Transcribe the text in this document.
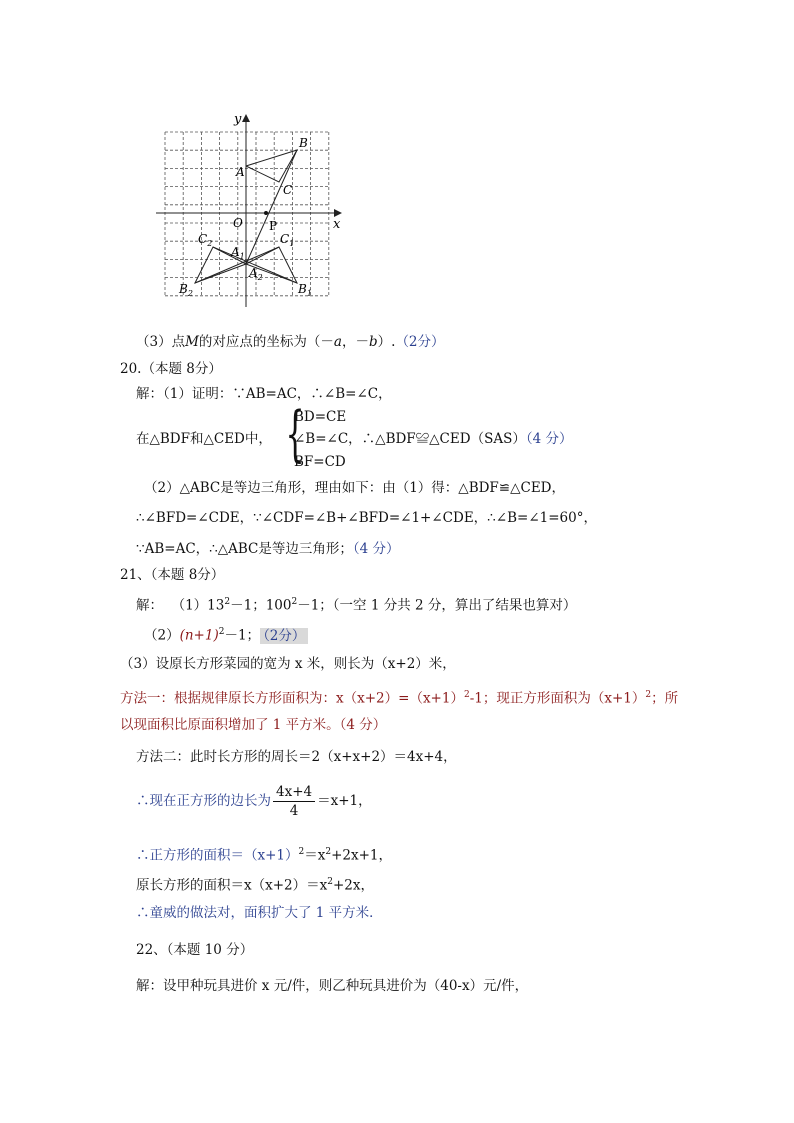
y
x
O
A
B
C
P
$C_1$
$C_2$
$A_1$
$A_2$
$B_1$
$B_2$
（3）点M的对应点的坐标为（－a，－b）.（2分）
20.（本题 8分）
解：（1）证明：∵AB=AC，∴∠B=∠C，
在△BDF和△CED中， {
BD=CE
∠B=∠C，∴△BDF≌△CED（SAS）（4 分）
BF=CD
（2）△ABC是等边三角形，理由如下：由（1）得：△BDF≌△CED，
∴∠BFD=∠CDE，∵∠CDF=∠B+∠BFD=∠1+∠CDE，∴∠B=∠1=60°，
∵AB=AC，∴△ABC是等边三角形；（4 分）
21、（本题 8分）
解： $(1)13^2-1$；$100^2-1$；（一空 1 分共 2 分，算出了结果也算对）
$(2)(n+1)^2-1$； （2分）
（3）设原长方形菜园的宽为 x 米，则长为（x+2）米，
方法一：根据规律原长方形面积为：$x(x+2)=(x+1)^2-1$；现正方形面积为$(x+1)^2$；所
以现面积比原面积增加了 1 平方米。（4 分）
方法二：此时长方形的周长＝2（x+x+2）＝4x+4，
∴现在正方形的边长为 $\frac{4x+4}{4} =x+1$，
∴正方形的面积$=(x+1)^2=x^2+2x+1$，
原长方形的面积$=x(x+2)=x^2+2x$，
∴童威的做法对，面积扩大了 1 平方米．
22、（本题 10 分）
解：设甲种玩具进价 x 元/件，则乙种玩具进价为（40-x）元/件，
